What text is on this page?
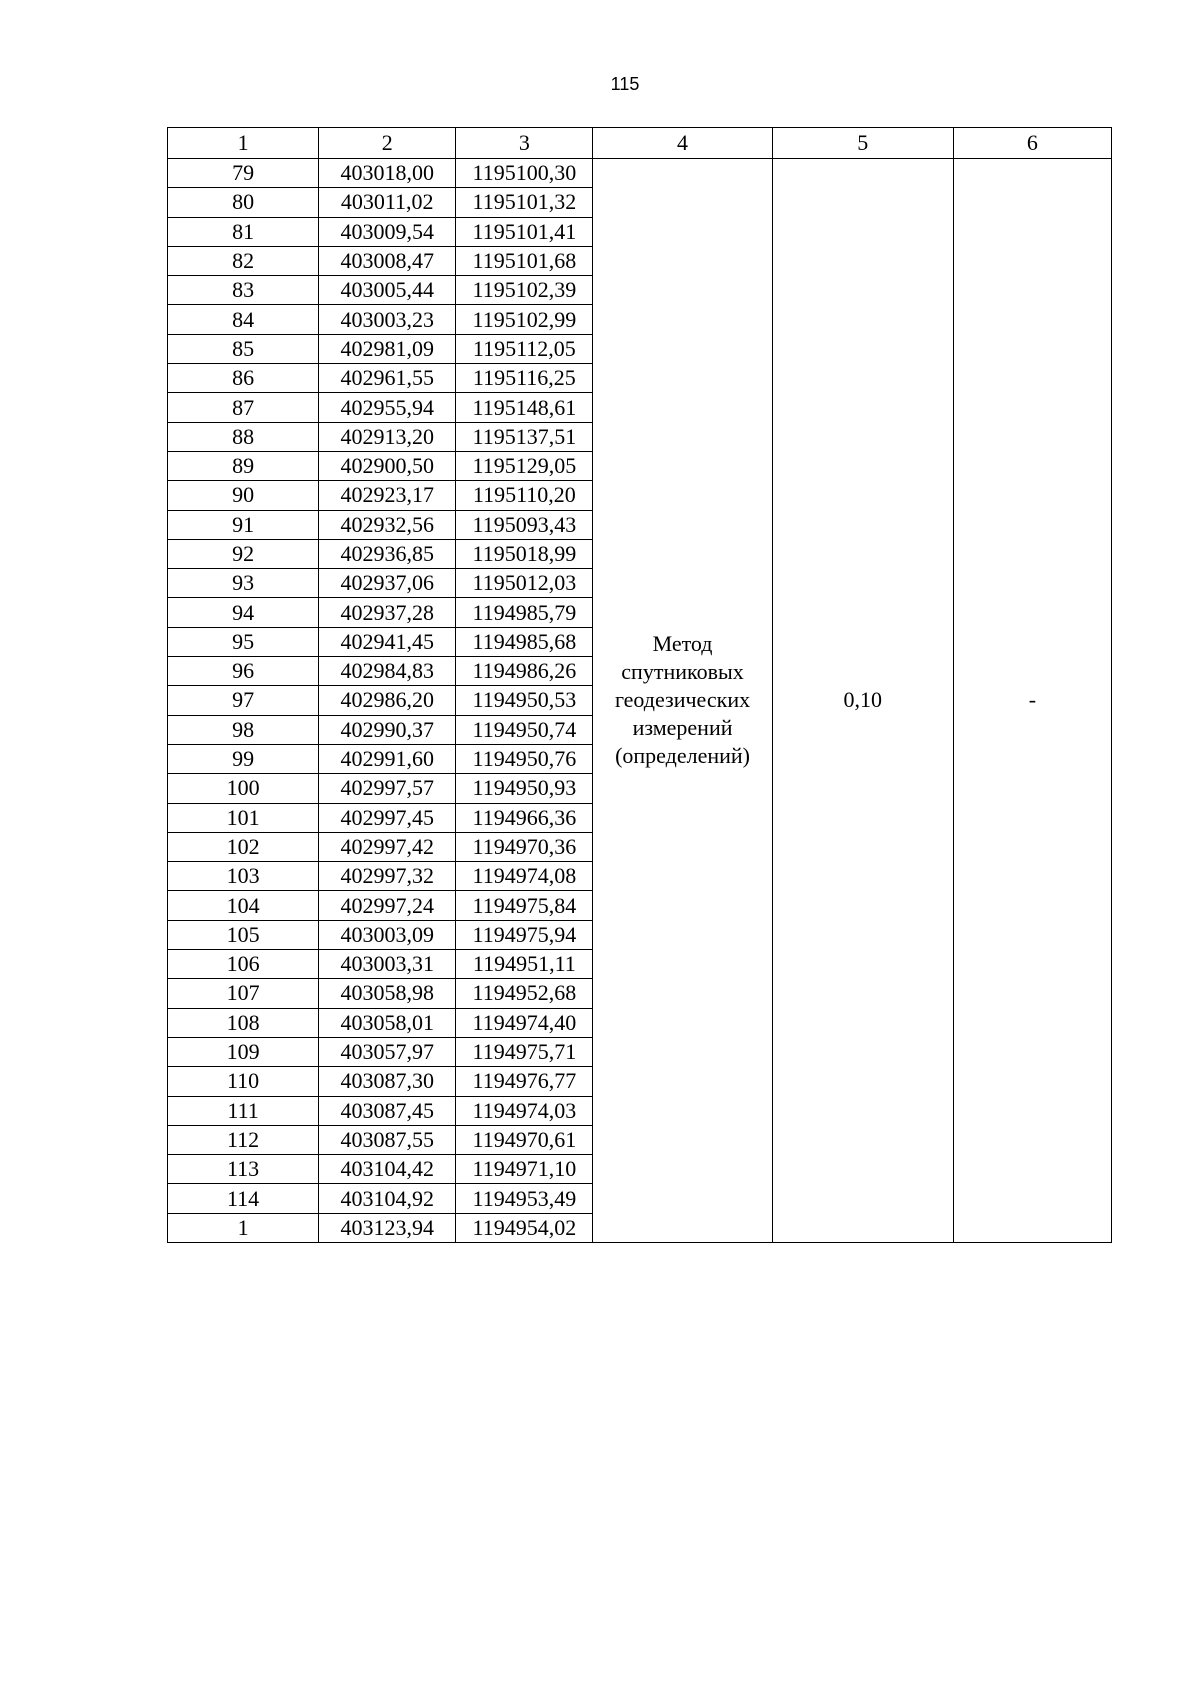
115
1	2	3	4	5	6
79	403018,00	1195100,30	Метод спутниковых геодезических измерений (определений)	0,10	-
80	403011,02	1195101,32			
81	403009,54	1195101,41			
82	403008,47	1195101,68			
83	403005,44	1195102,39			
84	403003,23	1195102,99			
85	402981,09	1195112,05			
86	402961,55	1195116,25			
87	402955,94	1195148,61			
88	402913,20	1195137,51			
89	402900,50	1195129,05			
90	402923,17	1195110,20			
91	402932,56	1195093,43			
92	402936,85	1195018,99			
93	402937,06	1195012,03			
94	402937,28	1194985,79			
95	402941,45	1194985,68			
96	402984,83	1194986,26			
97	402986,20	1194950,53			
98	402990,37	1194950,74			
99	402991,60	1194950,76			
100	402997,57	1194950,93			
101	402997,45	1194966,36			
102	402997,42	1194970,36			
103	402997,32	1194974,08			
104	402997,24	1194975,84			
105	403003,09	1194975,94			
106	403003,31	1194951,11			
107	403058,98	1194952,68			
108	403058,01	1194974,40			
109	403057,97	1194975,71			
110	403087,30	1194976,77			
111	403087,45	1194974,03			
112	403087,55	1194970,61			
113	403104,42	1194971,10			
114	403104,92	1194953,49			
1	403123,94	1194954,02			
